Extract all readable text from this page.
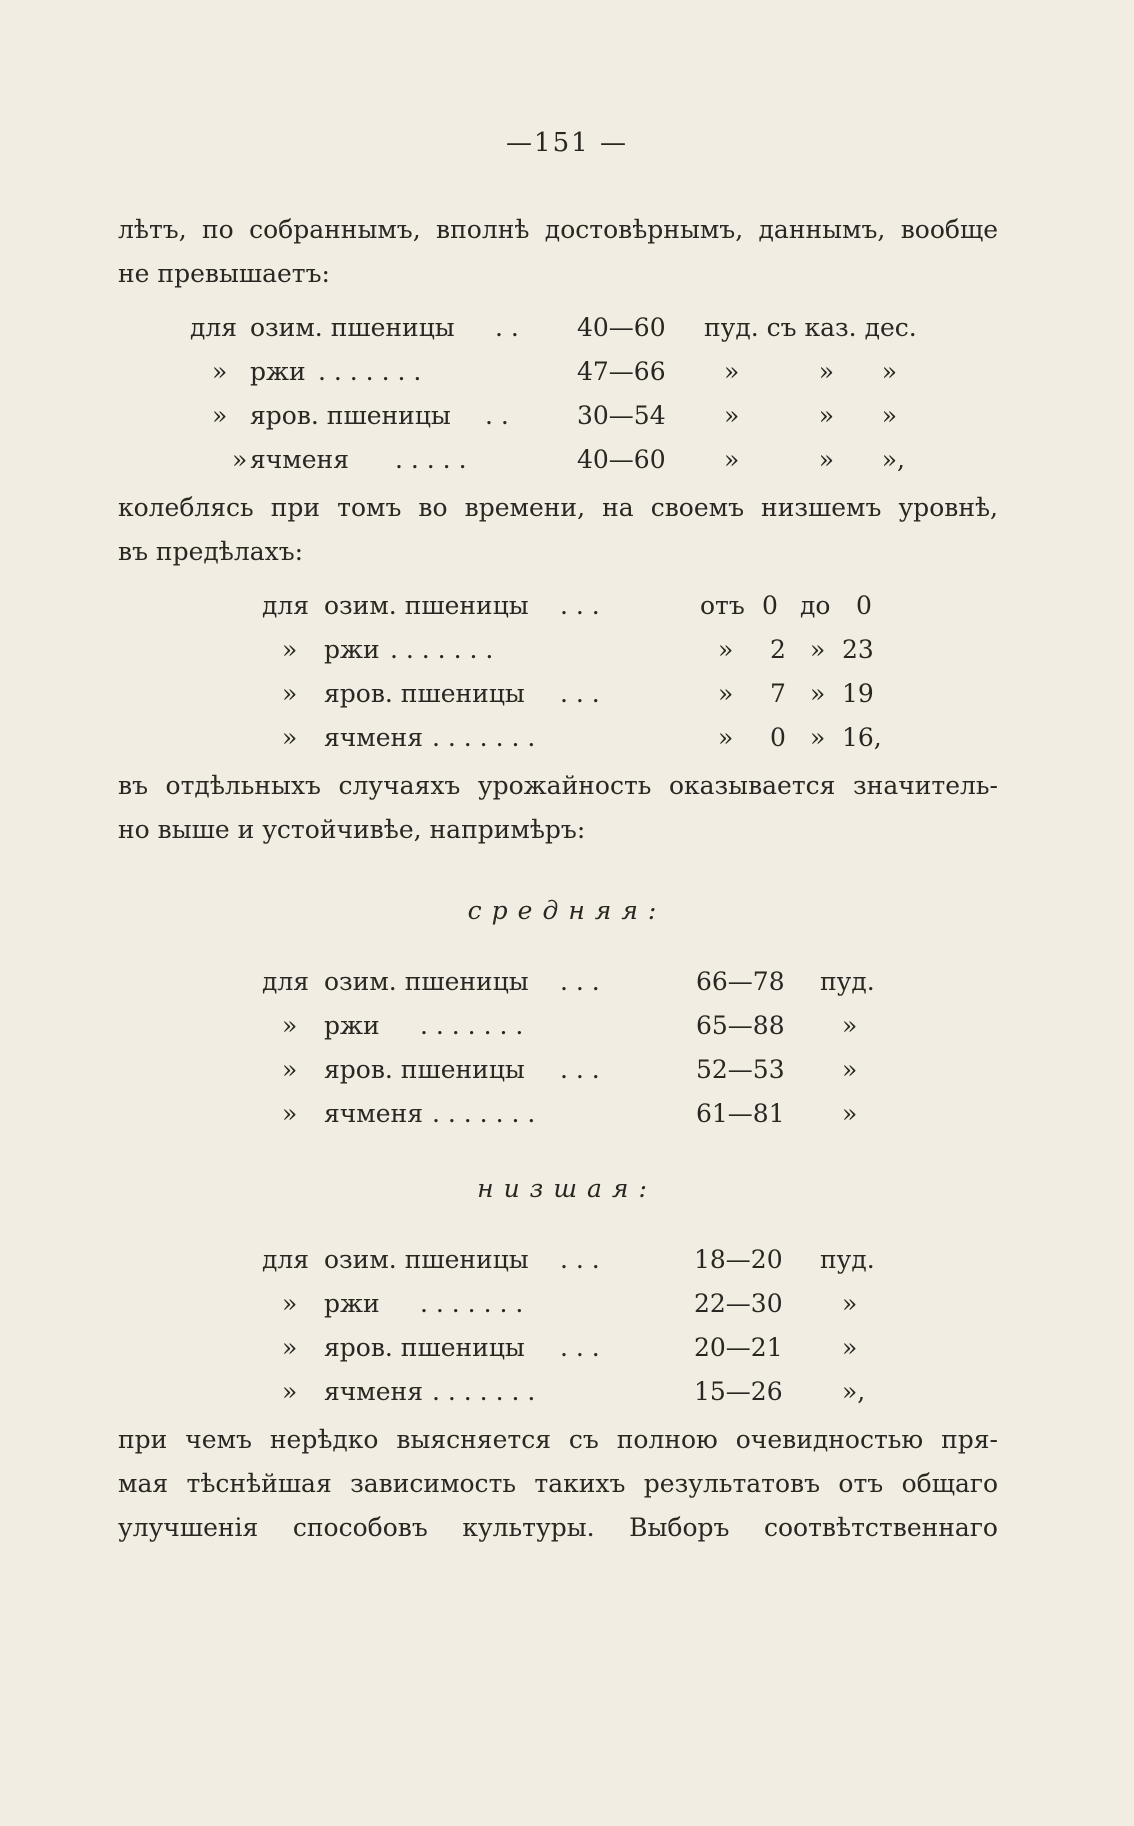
—151 —
лѣтъ, по собраннымъ, вполнѣ достовѣрнымъ, даннымъ, вообще
не превышаетъ:
для озим. пшеницы . . 40—60 пуд. съ каз. дес.
» ржи . . . . . . .	47—66 »          »      »
» яров. пшеницы . .	30—54 »          »      »
» ячменя . . . . .	40—60 »          »      »,
колеблясь при томъ во времени, на своемъ низшемъ уровнѣ,
въ предѣлахъ:
для озим. пшеницы . . .	отъ 0 до 0
» ржи . . . . . . .	» 2 » 23
» яров. пшеницы . . .	» 7 » 19
» ячменя . . . . . . .	» 0 » 16,
въ отдѣльныхъ случаяхъ урожайность оказывается значитель-
но выше и устойчивѣе, напримѣръ:
средняя:
для озим. пшеницы . . .	66—78 пуд.
» ржи . . . . . . .	65—88 »
» яров. пшеницы . . .	52—53 »
» ячменя . . . . . . .	61—81 »
низшая:
для озим. пшеницы . . .	18—20 пуд.
» ржи . . . . . . .	22—30 »
» яров. пшеницы . . .	20—21 »
» ячменя . . . . . . .	15—26 »,
при чемъ нерѣдко выясняется съ полною очевидностью пря-
мая тѣснѣйшая зависимость такихъ результатовъ отъ общаго
улучшенія способовъ культуры. Выборъ соотвѣтственнаго
